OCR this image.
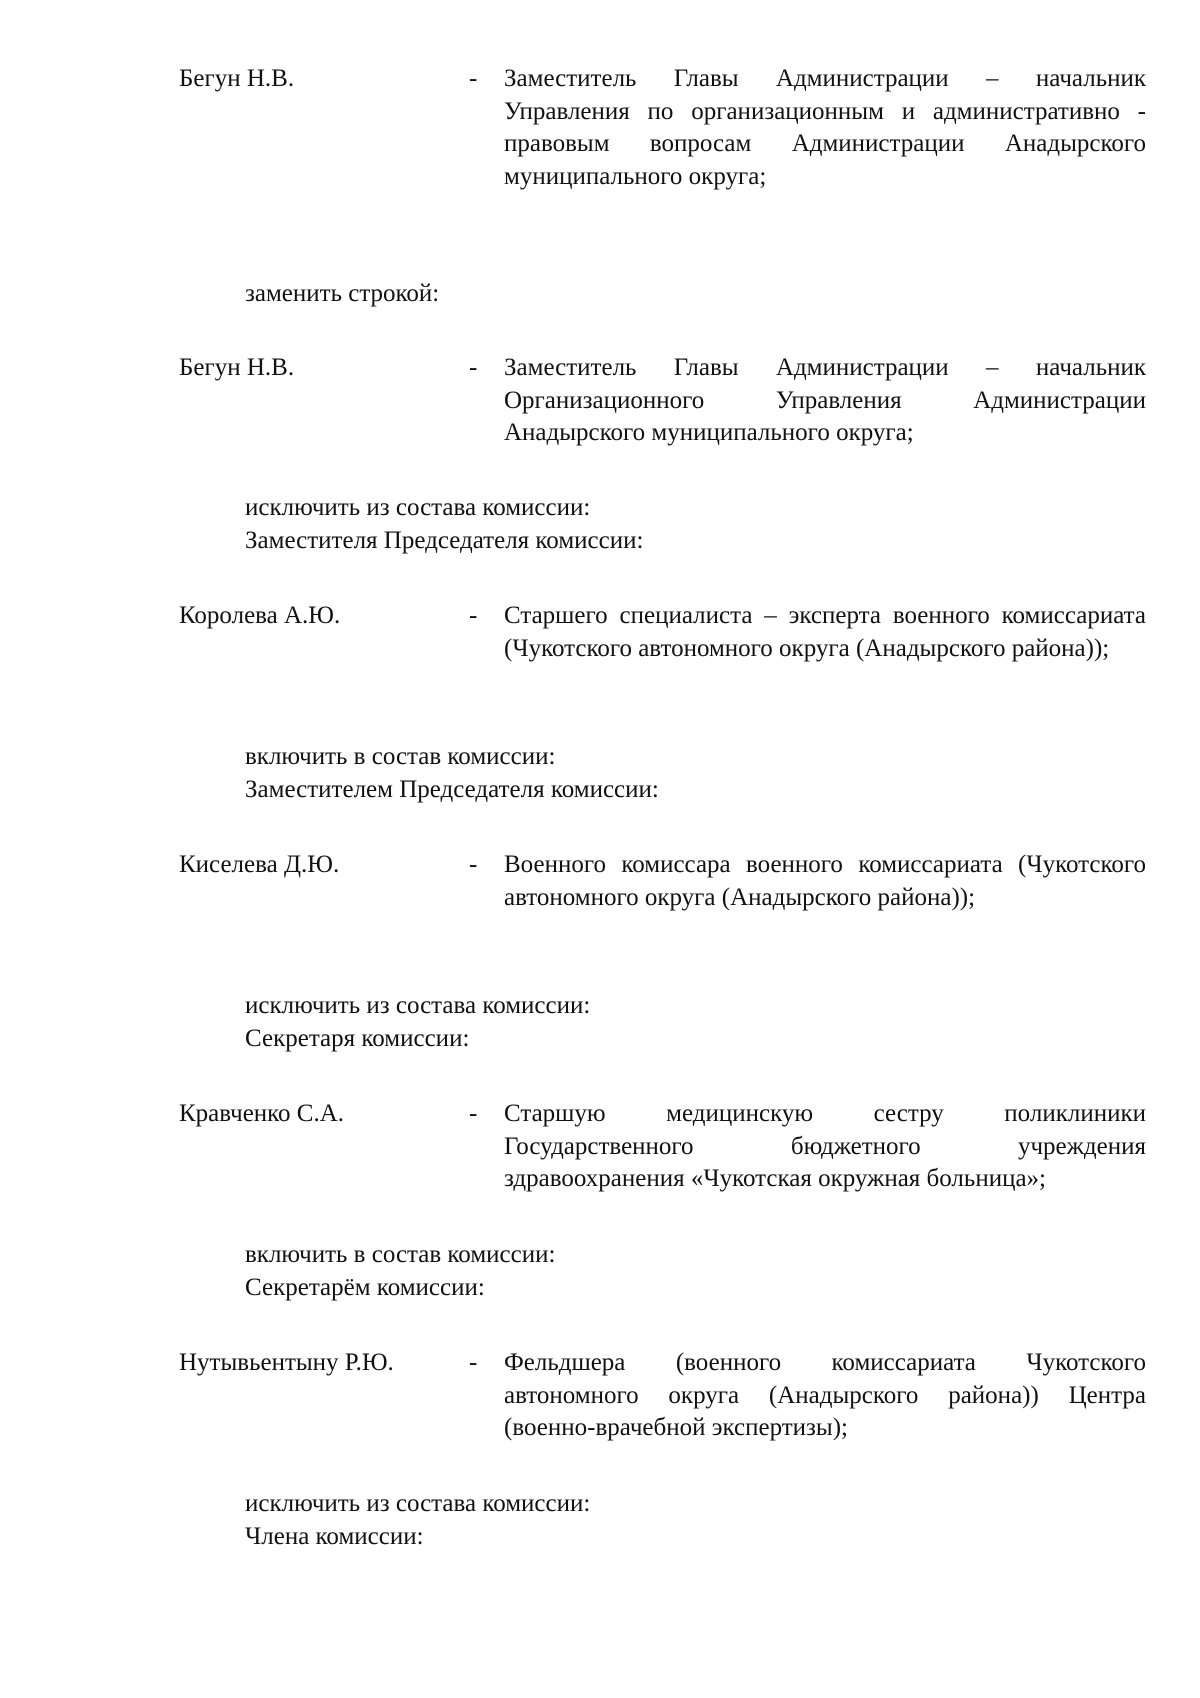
Бегун Н.В.	- Заместитель Главы Администрации – начальник Управления по организационным и административно - правовым вопросам Администрации Анадырского муниципального округа;
заменить строкой:
Бегун Н.В.	- Заместитель Главы Администрации – начальник Организационного Управления Администрации Анадырского муниципального округа;
исключить из состава комиссии:
Заместителя Председателя комиссии:
Королева А.Ю.	- Старшего специалиста – эксперта военного комиссариата (Чукотского автономного округа (Анадырского района));
включить в состав комиссии:
Заместителем Председателя комиссии:
Киселева Д.Ю.	- Военного комиссара военного комиссариата (Чукотского автономного округа (Анадырского района));
исключить из состава комиссии:
Секретаря комиссии:
Кравченко С.А.	- Старшую медицинскую сестру поликлиники Государственного бюджетного учреждения здравоохранения «Чукотская окружная больница»;
включить в состав комиссии:
Секретарём комиссии:
Нутывьентыну Р.Ю.	- Фельдшера (военного комиссариата Чукотского автономного округа (Анадырского района)) Центра (военно-врачебной экспертизы);
исключить из состава комиссии:
Члена комиссии:
